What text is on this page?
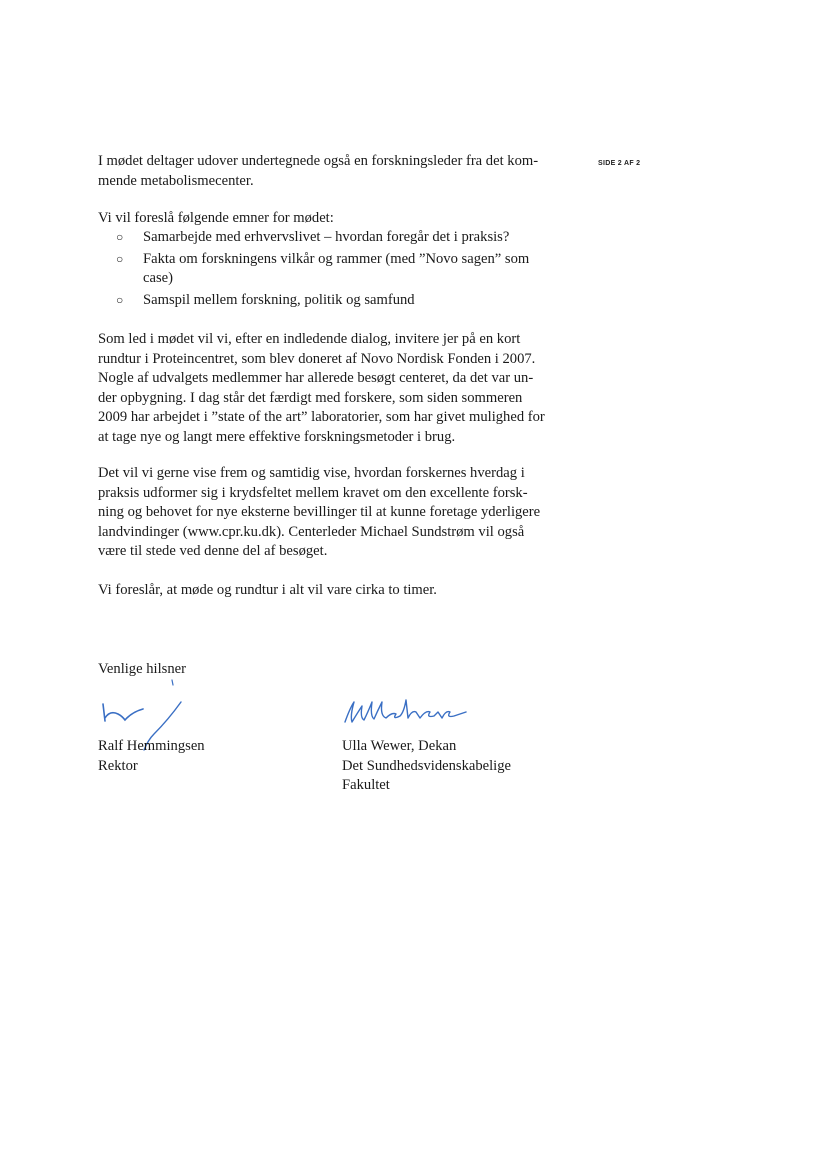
SIDE 2 AF 2
I mødet deltager udover undertegnede også en forskningsleder fra det kom-
mende metabolismecenter.
Vi vil foreslå følgende emner for mødet:
○ Samarbejde med erhvervslivet – hvordan foregår det i praksis?
○ Fakta om forskningens vilkår og rammer (med ”Novo sagen” som
case)
○ Samspil mellem forskning, politik og samfund
Som led i mødet vil vi, efter en indledende dialog, invitere jer på en kort
rundtur i Proteincentret, som blev doneret af Novo Nordisk Fonden i 2007.
Nogle af udvalgets medlemmer har allerede besøgt centeret, da det var un-
der opbygning. I dag står det færdigt med forskere, som siden sommeren
2009 har arbejdet i ”state of the art” laboratorier, som har givet mulighed for
at tage nye og langt mere effektive forskningsmetoder i brug.
Det vil vi gerne vise frem og samtidig vise, hvordan forskernes hverdag i
praksis udformer sig i krydsfeltet mellem kravet om den excellente forsk-
ning og behovet for nye eksterne bevillinger til at kunne foretage yderligere
landvindinger (www.cpr.ku.dk). Centerleder Michael Sundstrøm vil også
være til stede ved denne del af besøget.
Vi foreslår, at møde og rundtur i alt vil vare cirka to timer.
Venlige hilsner
Ralf Hemmingsen
Rektor
Ulla Wewer, Dekan
Det Sundhedsvidenskabelige
Fakultet
